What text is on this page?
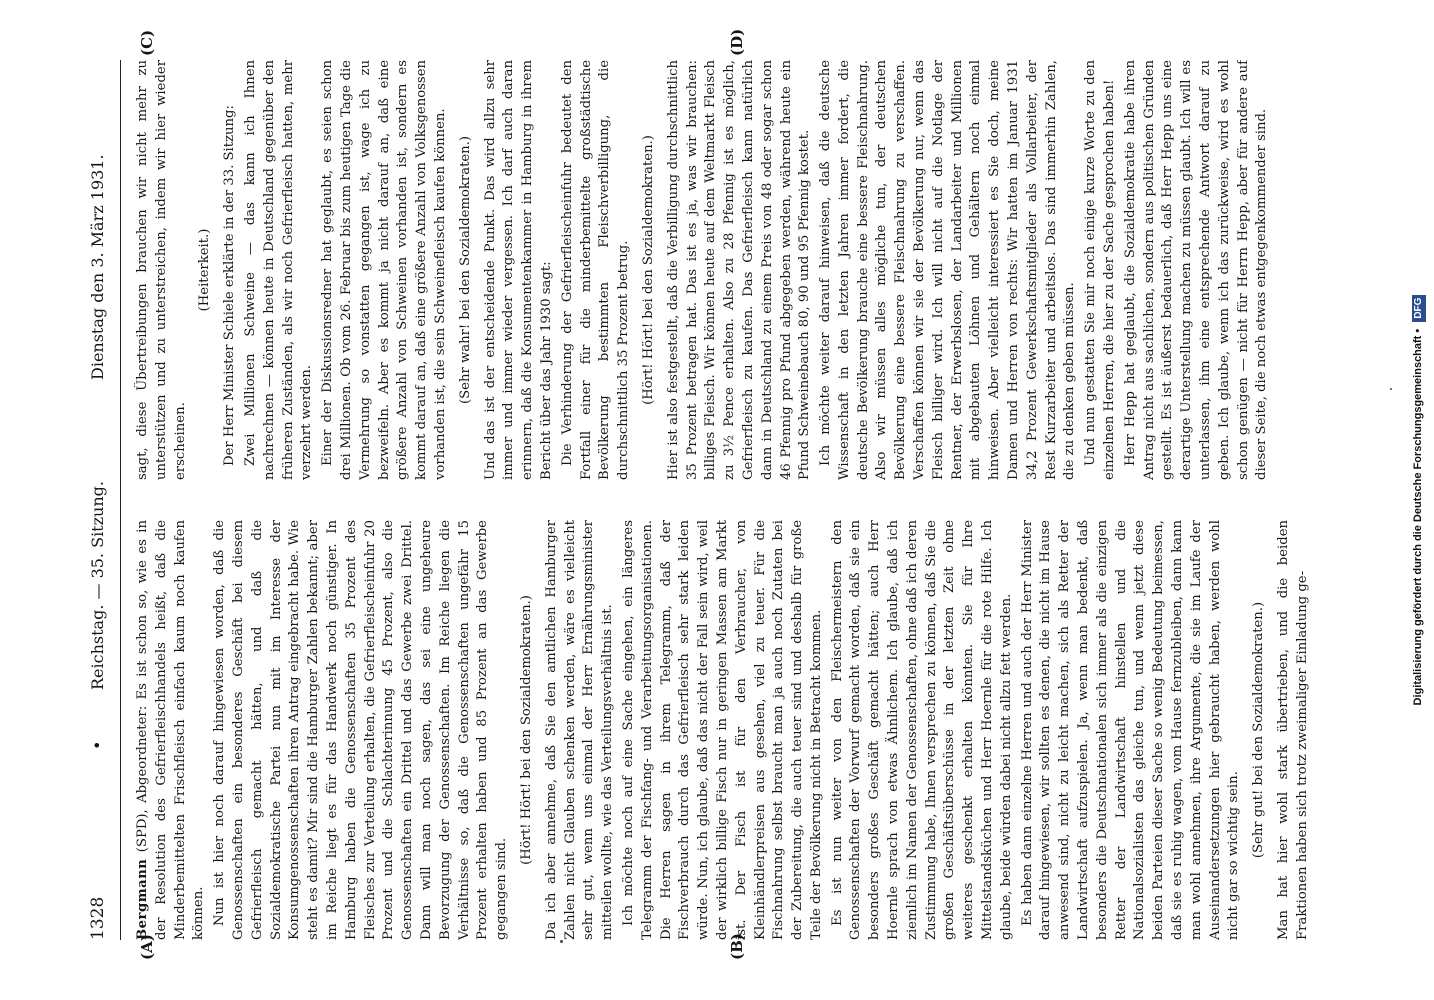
1328
•
Reichstag. — 35. Sitzung.
Dienstag den 3. März 1931.
(A)	(B)
(C)	(D)

Bergmann (SPD), Abgeordneter: Es ist schon so, wie es in der Resolution des Gefrierfleischhandels heißt, daß die Minderbemittelten Frischfleisch einfach kaum noch kaufen können. Nun ist hier noch darauf hingewiesen worden, daß die Genossenschaften ein besonderes Geschäft bei diesem Gefrierfleisch gemacht hätten, und daß die Sozialdemokratische Partei nun mit im Interesse der Konsumgenossenschaften ihren Antrag eingebracht habe. Wie steht es damit? Mir sind die Hamburger Zahlen bekannt; aber im Reiche liegt es für das Handwerk noch günstiger. In Hamburg haben die Genossenschaften 35 Prozent des Fleisches zur Verteilung erhalten, die Gefrierfleischeinfuhr 20 Prozent und die Schlachterinnung 45 Prozent, also die Genossenschaften ein Drittel und das Gewerbe zwei Drittel. Dann will man noch sagen, das sei eine ungeheure Bevorzugung der Genossenschaften. Im Reiche liegen die Verhältnisse so, daß die Genossenschaften ungefähr 15 Prozent erhalten haben und 85 Prozent an das Gewerbe gegangen sind.

(Hört! Hört! bei den Sozialdemokraten.) Da ich aber annehme, daß Sie den amtlichen Hamburger Zahlen nicht Glauben schenken werden, wäre es vielleicht sehr gut, wenn uns einmal der Herr Ernährungsminister mitteilen wollte, wie das Verteilungsverhältnis ist. Ich möchte noch auf eine Sache eingehen, ein längeres Telegramm der Fischfang- und Verarbeitungsorganisationen. Die Herren sagen in ihrem Telegramm, daß der Fischverbrauch durch das Gefrierfleisch sehr stark leiden würde. Nun, ich glaube, daß das nicht der Fall sein wird, weil der wirklich billige Fisch nur in geringen Massen am Markt ist. Der Fisch ist für den Verbraucher, von Kleinhändlerpreisen aus gesehen, viel zu teuer. Für die Fischnahrung selbst braucht man ja auch noch Zutaten bei der Zubereitung, die auch teuer sind und deshalb für große Teile der Bevölkerung nicht in Betracht kommen. Es ist nun weiter von den Fleischermeistern den Genossenschaften der Vorwurf gemacht worden, daß sie ein besonders großes Geschäft gemacht hätten; auch Herr Hoernle sprach von etwas Ähnlichem. Ich glaube, daß ich ziemlich im Namen der Genossenschaften, ohne daß ich deren Zustimmung habe, Ihnen versprechen zu können, daß Sie die großen Geschäftsüberschüsse in der letzten Zeit ohne weiteres geschenkt erhalten könnten. Sie für Ihre Mittelstandsküchen und Herr Hoernle für die rote Hilfe. Ich glaube, beide würden dabei nicht allzu fett werden. Es haben dann einzelne Herren und auch der Herr Minister darauf hingewiesen, wir sollten es denen, die nicht im Hause anwesend sind, nicht zu leicht machen, sich als Retter der Landwirtschaft aufzuspielen. Ja, wenn man bedenkt, daß besonders die Deutschnationalen sich immer als die einzigen Retter der Landwirtschaft hinstellen und die Nationalsozialisten das gleiche tun, und wenn jetzt diese beiden Parteien dieser Sache so wenig Bedeutung beimessen, daß sie es ruhig wagen, vom Hause fernzubleiben, dann kann man wohl annehmen, ihre Argumente, die sie im Laufe der Auseinandersetzungen hier gebraucht haben, werden wohl nicht gar so wichtig sein. (Sehr gut! bei den Sozialdemokraten.) Man hat hier wohl stark übertrieben, und die beiden Fraktionen haben sich trotz zweimaliger Einladung ge-

sagt, diese Übertreibungen brauchen wir nicht mehr zu unterstützen und zu unterstreichen, indem wir hier wieder erscheinen.

(Heiterkeit.) Der Herr Minister Schiele erklärte in der 33. Sitzung: Zwei Millionen Schweine — das kann ich Ihnen nachrechnen — können heute in Deutschland gegenüber den früheren Zuständen, als wir noch Gefrierfleisch hatten, mehr verzehrt werden. Einer der Diskussionsredner hat geglaubt, es seien schon drei Millionen. Ob vom 26. Februar bis zum heutigen Tage die Vermehrung so vonstatten gegangen ist, wage ich zu bezweifeln. Aber es kommt ja nicht darauf an, daß eine größere Anzahl von Schweinen vorhanden ist, sondern es kommt darauf an, daß eine größere Anzahl von Volksgenossen vorhanden ist, die sein Schweinefleisch kaufen können. (Sehr wahr! bei den Sozialdemokraten.) Und das ist der entscheidende Punkt. Das wird allzu sehr immer und immer wieder vergessen. Ich darf auch daran erinnern, daß die Konsumentenkammer in Hamburg in ihrem Bericht über das Jahr 1930 sagt: Die Verhinderung der Gefrierfleischeinfuhr bedeutet den Fortfall einer für die minderbemittelte großstädtische Bevölkerung bestimmten Fleischverbilligung, die durchschnittlich 35 Prozent betrug. (Hört! Hört! bei den Sozialdemokraten.) Hier ist also festgestellt, daß die Verbilligung durchschnittlich 35 Prozent betragen hat. Das ist es ja, was wir brauchen: billiges Fleisch. Wir können heute auf dem Weltmarkt Fleisch zu 3½ Pence erhalten. Also zu 28 Pfennig ist es möglich, Gefrierfleisch zu kaufen. Das Gefrierfleisch kann natürlich dann in Deutschland zu einem Preis von 48 oder sogar schon 46 Pfennig pro Pfund abgegeben werden, während heute ein Pfund Schweinebauch 80, 90 und 95 Pfennig kostet. Ich möchte weiter darauf hinweisen, daß die deutsche Wissenschaft in den letzten Jahren immer fordert, die deutsche Bevölkerung brauche eine bessere Fleischnahrung. Also wir müssen alles mögliche tun, der deutschen Bevölkerung eine bessere Fleischnahrung zu verschaffen. Verschaffen können wir sie der Bevölkerung nur, wenn das Fleisch billiger wird. Ich will nicht auf die Notlage der Rentner, der Erwerbslosen, der Landarbeiter und Millionen mit abgebauten Löhnen und Gehältern noch einmal hinweisen. Aber vielleicht interessiert es Sie doch, meine Damen und Herren von rechts: Wir hatten im Januar 1931 34,2 Prozent Gewerkschaftsmitglieder als Vollarbeiter, der Rest Kurzarbeiter und arbeitslos. Das sind immerhin Zahlen, die zu denken geben müssen. Und nun gestatten Sie mir noch einige kurze Worte zu den einzelnen Herren, die hier zu der Sache gesprochen haben! Herr Hepp hat geglaubt, die Sozialdemokratie habe ihren Antrag nicht aus sachlichen, sondern aus politischen Gründen gestellt. Es ist äußerst bedauerlich, daß Herr Hepp uns eine derartige Unterstellung machen zu müssen glaubt. Ich will es unterlassen, ihm eine entsprechende Antwort darauf zu geben. Ich glaube, wenn ich das zurückweise, wird es wohl schon genügen — nicht für Herrn Hepp, aber für andere auf dieser Seite, die noch etwas entgegenkommender sind.

Digitalisierung gefördert durch die Deutsche Forschungsgemeinschaft • DFG
